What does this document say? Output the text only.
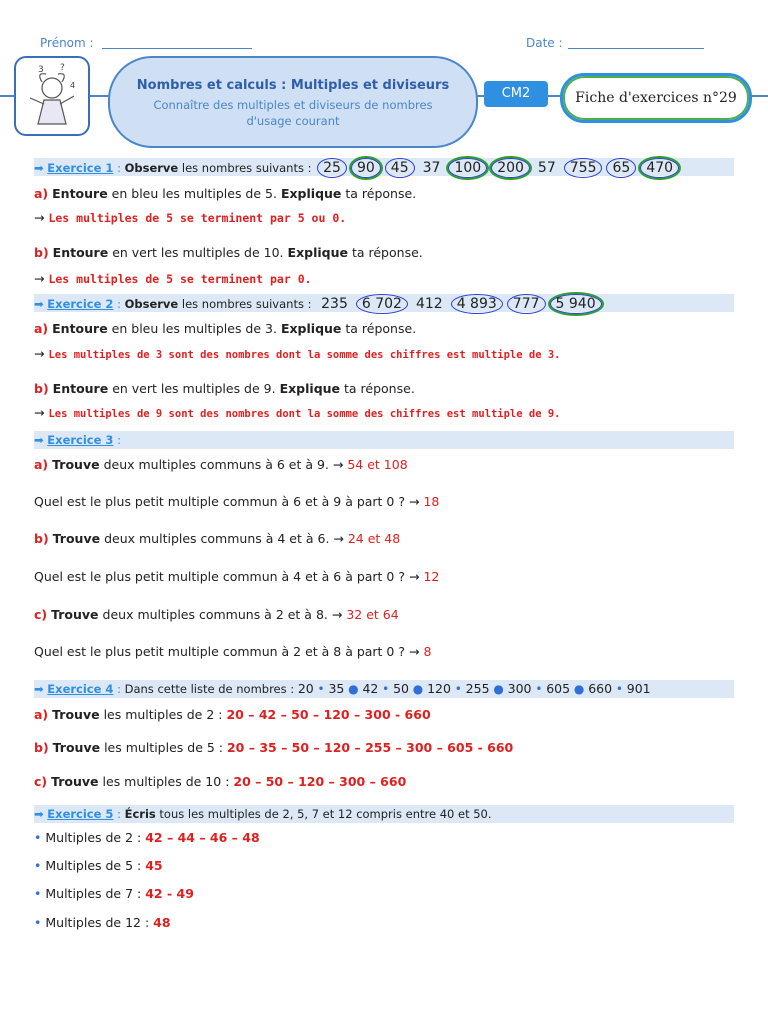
Prénom :	Date :
3 ?
4	Nombres et calculs : Multiples et diviseurs
Connaître des multiples et diviseurs de nombres
d'usage courant
CM2	Fiche d'exercices n°29
➡ Exercice 1 : Observe les nombres suivants : 25 90 45 37 100 200 57 755 65 470
a) Entoure en bleu les multiples de 5. Explique ta réponse.
→ Les multiples de 5 se terminent par 5 ou 0.
b) Entoure en vert les multiples de 10. Explique ta réponse.
→ Les multiples de 5 se terminent par 0.
➡ Exercice 2 : Observe les nombres suivants : 235 6 702 412 4 893 777 5 940
a) Entoure en bleu les multiples de 3. Explique ta réponse.
→ Les multiples de 3 sont des nombres dont la somme des chiffres est multiple de 3.
b) Entoure en vert les multiples de 9. Explique ta réponse.
→ Les multiples de 9 sont des nombres dont la somme des chiffres est multiple de 9.
➡ Exercice 3 :
a) Trouve deux multiples communs à 6 et à 9. → 54 et 108
Quel est le plus petit multiple commun à 6 et à 9 à part 0 ? → 18
b) Trouve deux multiples communs à 4 et à 6. → 24 et 48
Quel est le plus petit multiple commun à 4 et à 6 à part 0 ? → 12
c) Trouve deux multiples communs à 2 et à 8. → 32 et 64
Quel est le plus petit multiple commun à 2 et à 8 à part 0 ? → 8
➡ Exercice 4 : Dans cette liste de nombres : 20 • 35 ● 42 • 50 ● 120 • 255 ● 300 • 605 ● 660 • 901
a) Trouve les multiples de 2 : 20 – 42 – 50 – 120 – 300 - 660
b) Trouve les multiples de 5 : 20 – 35 – 50 – 120 – 255 – 300 – 605 - 660
c) Trouve les multiples de 10 : 20 – 50 – 120 – 300 – 660
➡ Exercice 5 : Écris tous les multiples de 2, 5, 7 et 12 compris entre 40 et 50.
• Multiples de 2 : 42 – 44 – 46 – 48
• Multiples de 5 : 45
• Multiples de 7 : 42 - 49
• Multiples de 12 : 48
